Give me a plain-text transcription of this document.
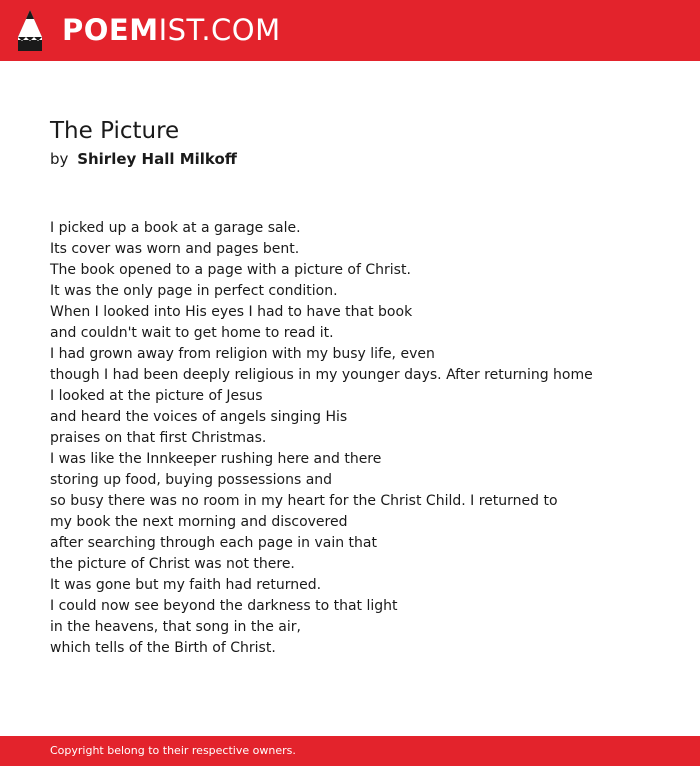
POEMIST.COM
The Picture
by Shirley Hall Milkoff
I picked up a book at a garage sale.
Its cover was worn and pages bent.
The book opened to a page with a picture of Christ.
It was the only page in perfect condition.
When I looked into His eyes I had to have that book
and couldn't wait to get home to read it.
I had grown away from religion with my busy life, even
though I had been deeply religious in my younger days. After returning home
I looked at the picture of Jesus
and heard the voices of angels singing His
praises on that first Christmas.
I was like the Innkeeper rushing here and there
storing up food, buying possessions and
so busy there was no room in my heart for the Christ Child. I returned to
my book the next morning and discovered
after searching through each page in vain that
the picture of Christ was not there.
It was gone but my faith had returned.
I could now see beyond the darkness to that light
in the heavens, that song in the air,
which tells of the Birth of Christ.
Copyright belong to their respective owners.
